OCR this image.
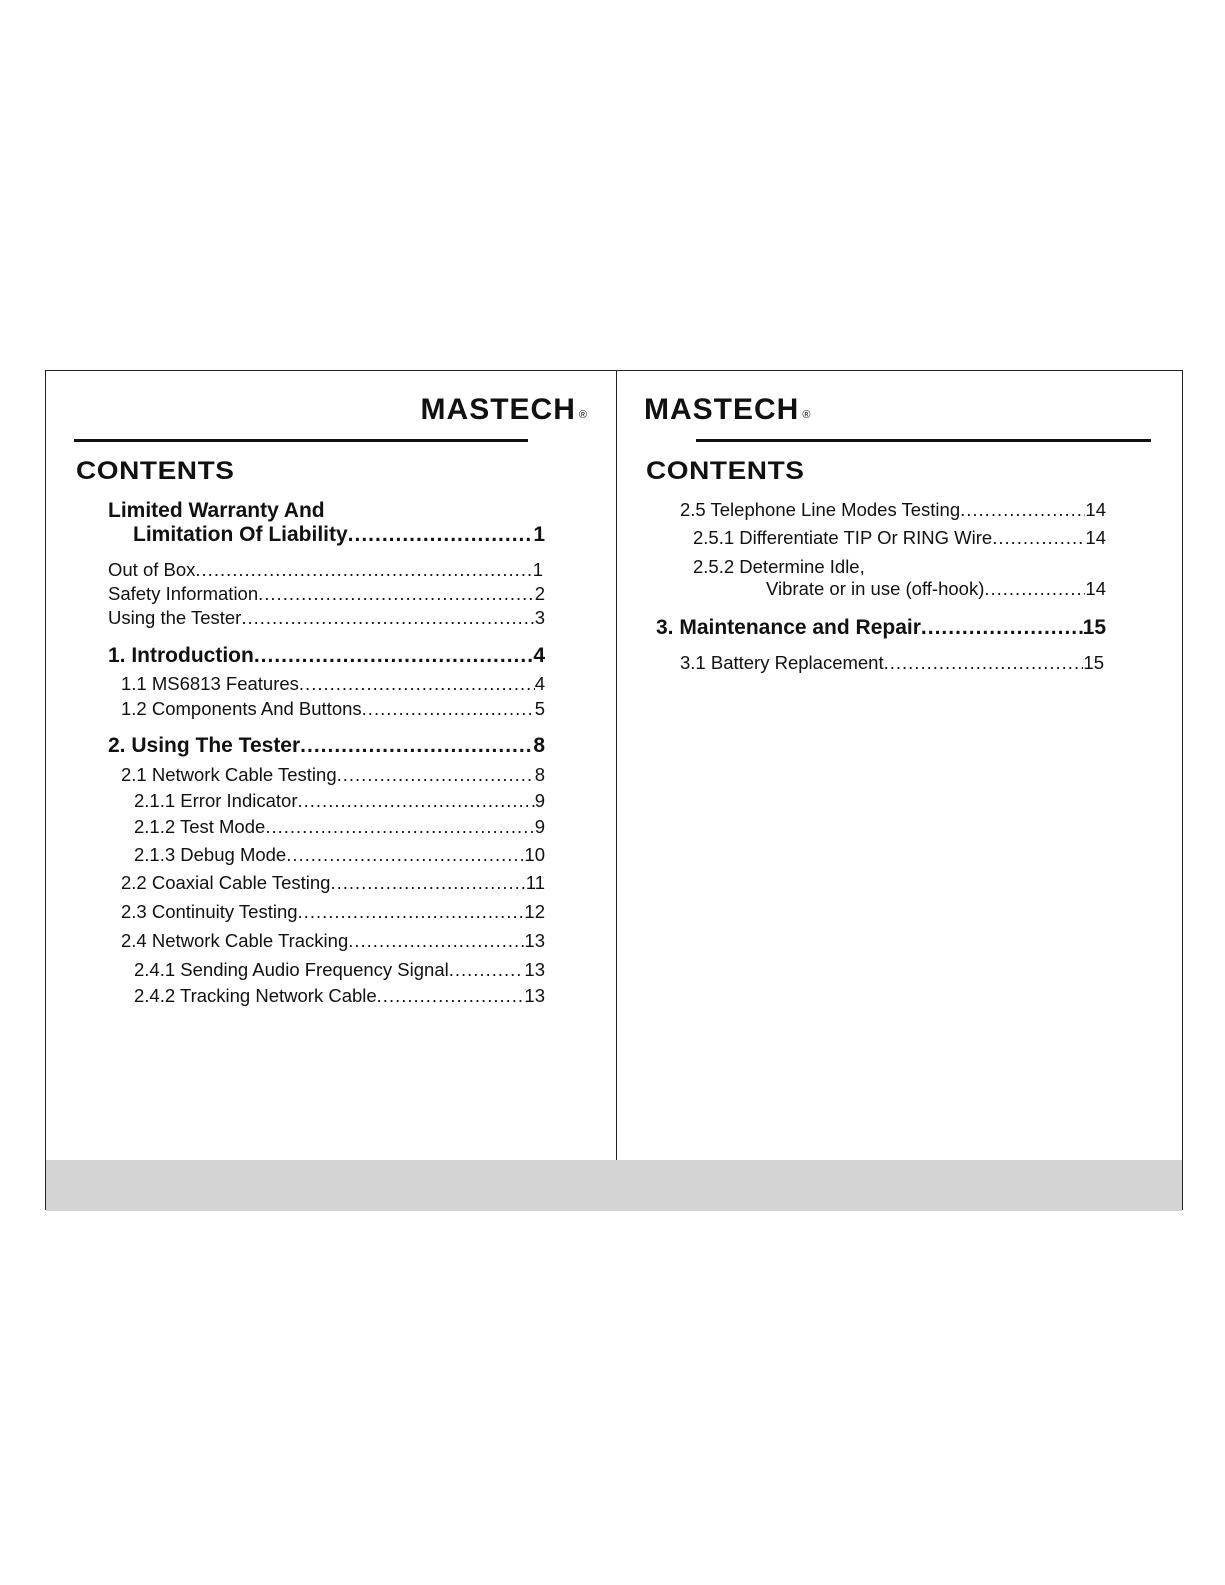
MASTECH ®
CONTENTS
Limited Warranty And
Limitation Of Liability .....	1
Out of Box .....	1
Safety Information .....	2
Using the Tester .....	3
1. Introduction .....	4
1.1 MS6813 Features .....	4
1.2 Components And Buttons .....	5
2. Using The Tester .....	8
2.1 Network Cable Testing .....	8
2.1.1 Error Indicator .....	9
2.1.2 Test Mode .....	9
2.1.3 Debug Mode .....	10
2.2 Coaxial Cable Testing .....	11
2.3 Continuity Testing .....	12
2.4 Network Cable Tracking .....	13
2.4.1 Sending Audio Frequency Signal .....	13
2.4.2 Tracking Network Cable .....	13
MASTECH ®
CONTENTS
2.5 Telephone Line Modes Testing .....	14
2.5.1 Differentiate TIP Or RING Wire .....	14
2.5.2 Determine Idle,
Vibrate or in use (off-hook) .....	14
3. Maintenance and Repair .....	15
3.1 Battery Replacement .....	15
